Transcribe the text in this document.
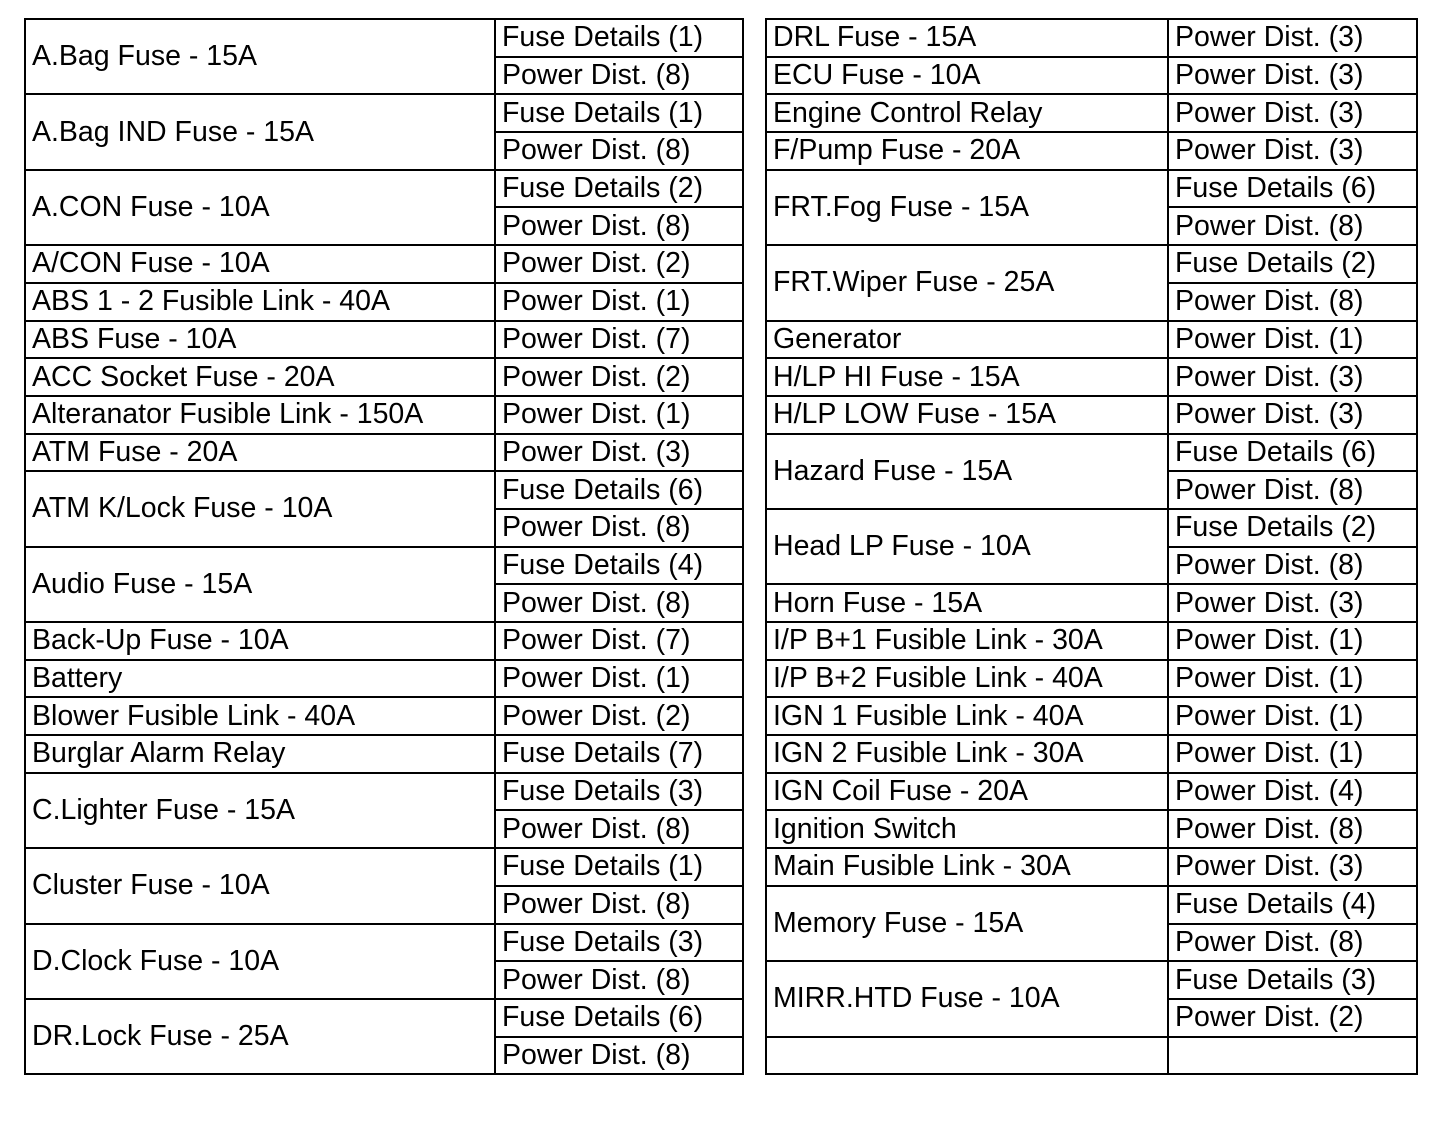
A.Bag Fuse - 15A	Fuse Details (1)
	Power Dist. (8)
A.Bag IND Fuse - 15A	Fuse Details (1)
	Power Dist. (8)
A.CON Fuse - 10A	Fuse Details (2)
	Power Dist. (8)
A/CON Fuse - 10A	Power Dist. (2)
ABS 1 - 2 Fusible Link - 40A	Power Dist. (1)
ABS Fuse - 10A	Power Dist. (7)
ACC Socket Fuse - 20A	Power Dist. (2)
Alteranator Fusible Link - 150A	Power Dist. (1)
ATM Fuse - 20A	Power Dist. (3)
ATM K/Lock Fuse - 10A	Fuse Details (6)
	Power Dist. (8)
Audio Fuse - 15A	Fuse Details (4)
	Power Dist. (8)
Back-Up Fuse - 10A	Power Dist. (7)
Battery	Power Dist. (1)
Blower Fusible Link - 40A	Power Dist. (2)
Burglar Alarm Relay	Fuse Details (7)
C.Lighter Fuse - 15A	Fuse Details (3)
	Power Dist. (8)
Cluster Fuse - 10A	Fuse Details (1)
	Power Dist. (8)
D.Clock Fuse - 10A	Fuse Details (3)
	Power Dist. (8)
DR.Lock Fuse - 25A	Fuse Details (6)
	Power Dist. (8)
DRL Fuse - 15A	Power Dist. (3)
ECU Fuse - 10A	Power Dist. (3)
Engine Control Relay	Power Dist. (3)
F/Pump Fuse - 20A	Power Dist. (3)
FRT.Fog Fuse - 15A	Fuse Details (6)
	Power Dist. (8)
FRT.Wiper Fuse - 25A	Fuse Details (2)
	Power Dist. (8)
Generator	Power Dist. (1)
H/LP HI Fuse - 15A	Power Dist. (3)
H/LP LOW Fuse - 15A	Power Dist. (3)
Hazard Fuse - 15A	Fuse Details (6)
	Power Dist. (8)
Head LP Fuse - 10A	Fuse Details (2)
	Power Dist. (8)
Horn Fuse - 15A	Power Dist. (3)
I/P B+1 Fusible Link - 30A	Power Dist. (1)
I/P B+2 Fusible Link - 40A	Power Dist. (1)
IGN 1 Fusible Link - 40A	Power Dist. (1)
IGN 2 Fusible Link - 30A	Power Dist. (1)
IGN Coil Fuse - 20A	Power Dist. (4)
Ignition Switch	Power Dist. (8)
Main Fusible Link - 30A	Power Dist. (3)
Memory Fuse - 15A	Fuse Details (4)
	Power Dist. (8)
MIRR.HTD Fuse - 10A	Fuse Details (3)
	Power Dist. (2)
